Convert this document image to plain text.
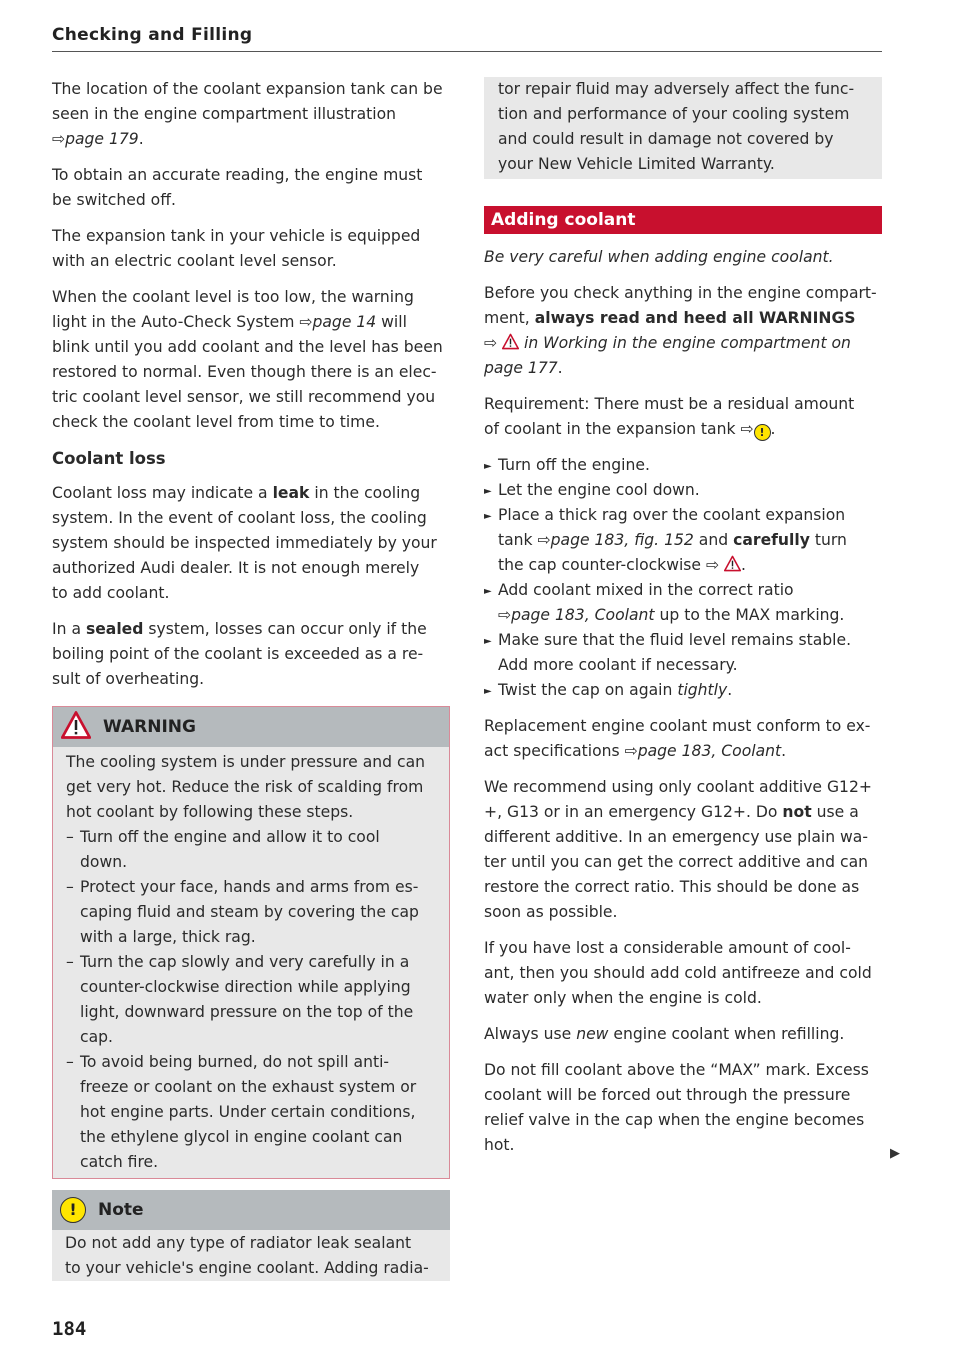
Checking and Filling
The location of the coolant expansion tank can be
seen in the engine compartment illustration
⇨page 179.
To obtain an accurate reading, the engine must
be switched off.
The expansion tank in your vehicle is equipped
with an electric coolant level sensor.
When the coolant level is too low, the warning
light in the Auto-Check System ⇨page 14 will
blink until you add coolant and the level has been
restored to normal. Even though there is an elec-
tric coolant level sensor, we still recommend you
check the coolant level from time to time.
Coolant loss
Coolant loss may indicate a leak in the cooling
system. In the event of coolant loss, the cooling
system should be inspected immediately by your
authorized Audi dealer. It is not enough merely
to add coolant.
In a sealed system, losses can occur only if the
boiling point of the coolant is exceeded as a re-
sult of overheating.
WARNING
The cooling system is under pressure and can
get very hot. Reduce the risk of scalding from
hot coolant by following these steps.
– Turn off the engine and allow it to cool
down.
– Protect your face, hands and arms from es-
caping fluid and steam by covering the cap
with a large, thick rag.
– Turn the cap slowly and very carefully in a
counter-clockwise direction while applying
light, downward pressure on the top of the
cap.
– To avoid being burned, do not spill anti-
freeze or coolant on the exhaust system or
hot engine parts. Under certain conditions,
the ethylene glycol in engine coolant can
catch fire.
!	Note
Do not add any type of radiator leak sealant
to your vehicle's engine coolant. Adding radia-
tor repair fluid may adversely affect the func-
tion and performance of your cooling system
and could result in damage not covered by
your New Vehicle Limited Warranty.
Adding coolant
Be very careful when adding engine coolant.
Before you check anything in the engine compart-
ment, always read and heed all WARNINGS
⇨  in Working in the engine compartment on
page 177.
Requirement: There must be a residual amount
of coolant in the expansion tank ⇨ ! .
► Turn off the engine.
► Let the engine cool down.
► Place a thick rag over the coolant expansion
tank ⇨page 183, fig. 152 and carefully turn
the cap counter-clockwise ⇨ .
► Add coolant mixed in the correct ratio
⇨page 183, Coolant up to the MAX marking.
► Make sure that the fluid level remains stable.
Add more coolant if necessary.
► Twist the cap on again tightly.
Replacement engine coolant must conform to ex-
act specifications ⇨page 183, Coolant.
We recommend using only coolant additive G12+
+, G13 or in an emergency G12+. Do not use a
different additive. In an emergency use plain wa-
ter until you can get the correct additive and can
restore the correct ratio. This should be done as
soon as possible.
If you have lost a considerable amount of cool-
ant, then you should add cold antifreeze and cold
water only when the engine is cold.
Always use new engine coolant when refilling.
Do not fill coolant above the “MAX” mark. Excess
coolant will be forced out through the pressure
relief valve in the cap when the engine becomes
hot.	▶
184
